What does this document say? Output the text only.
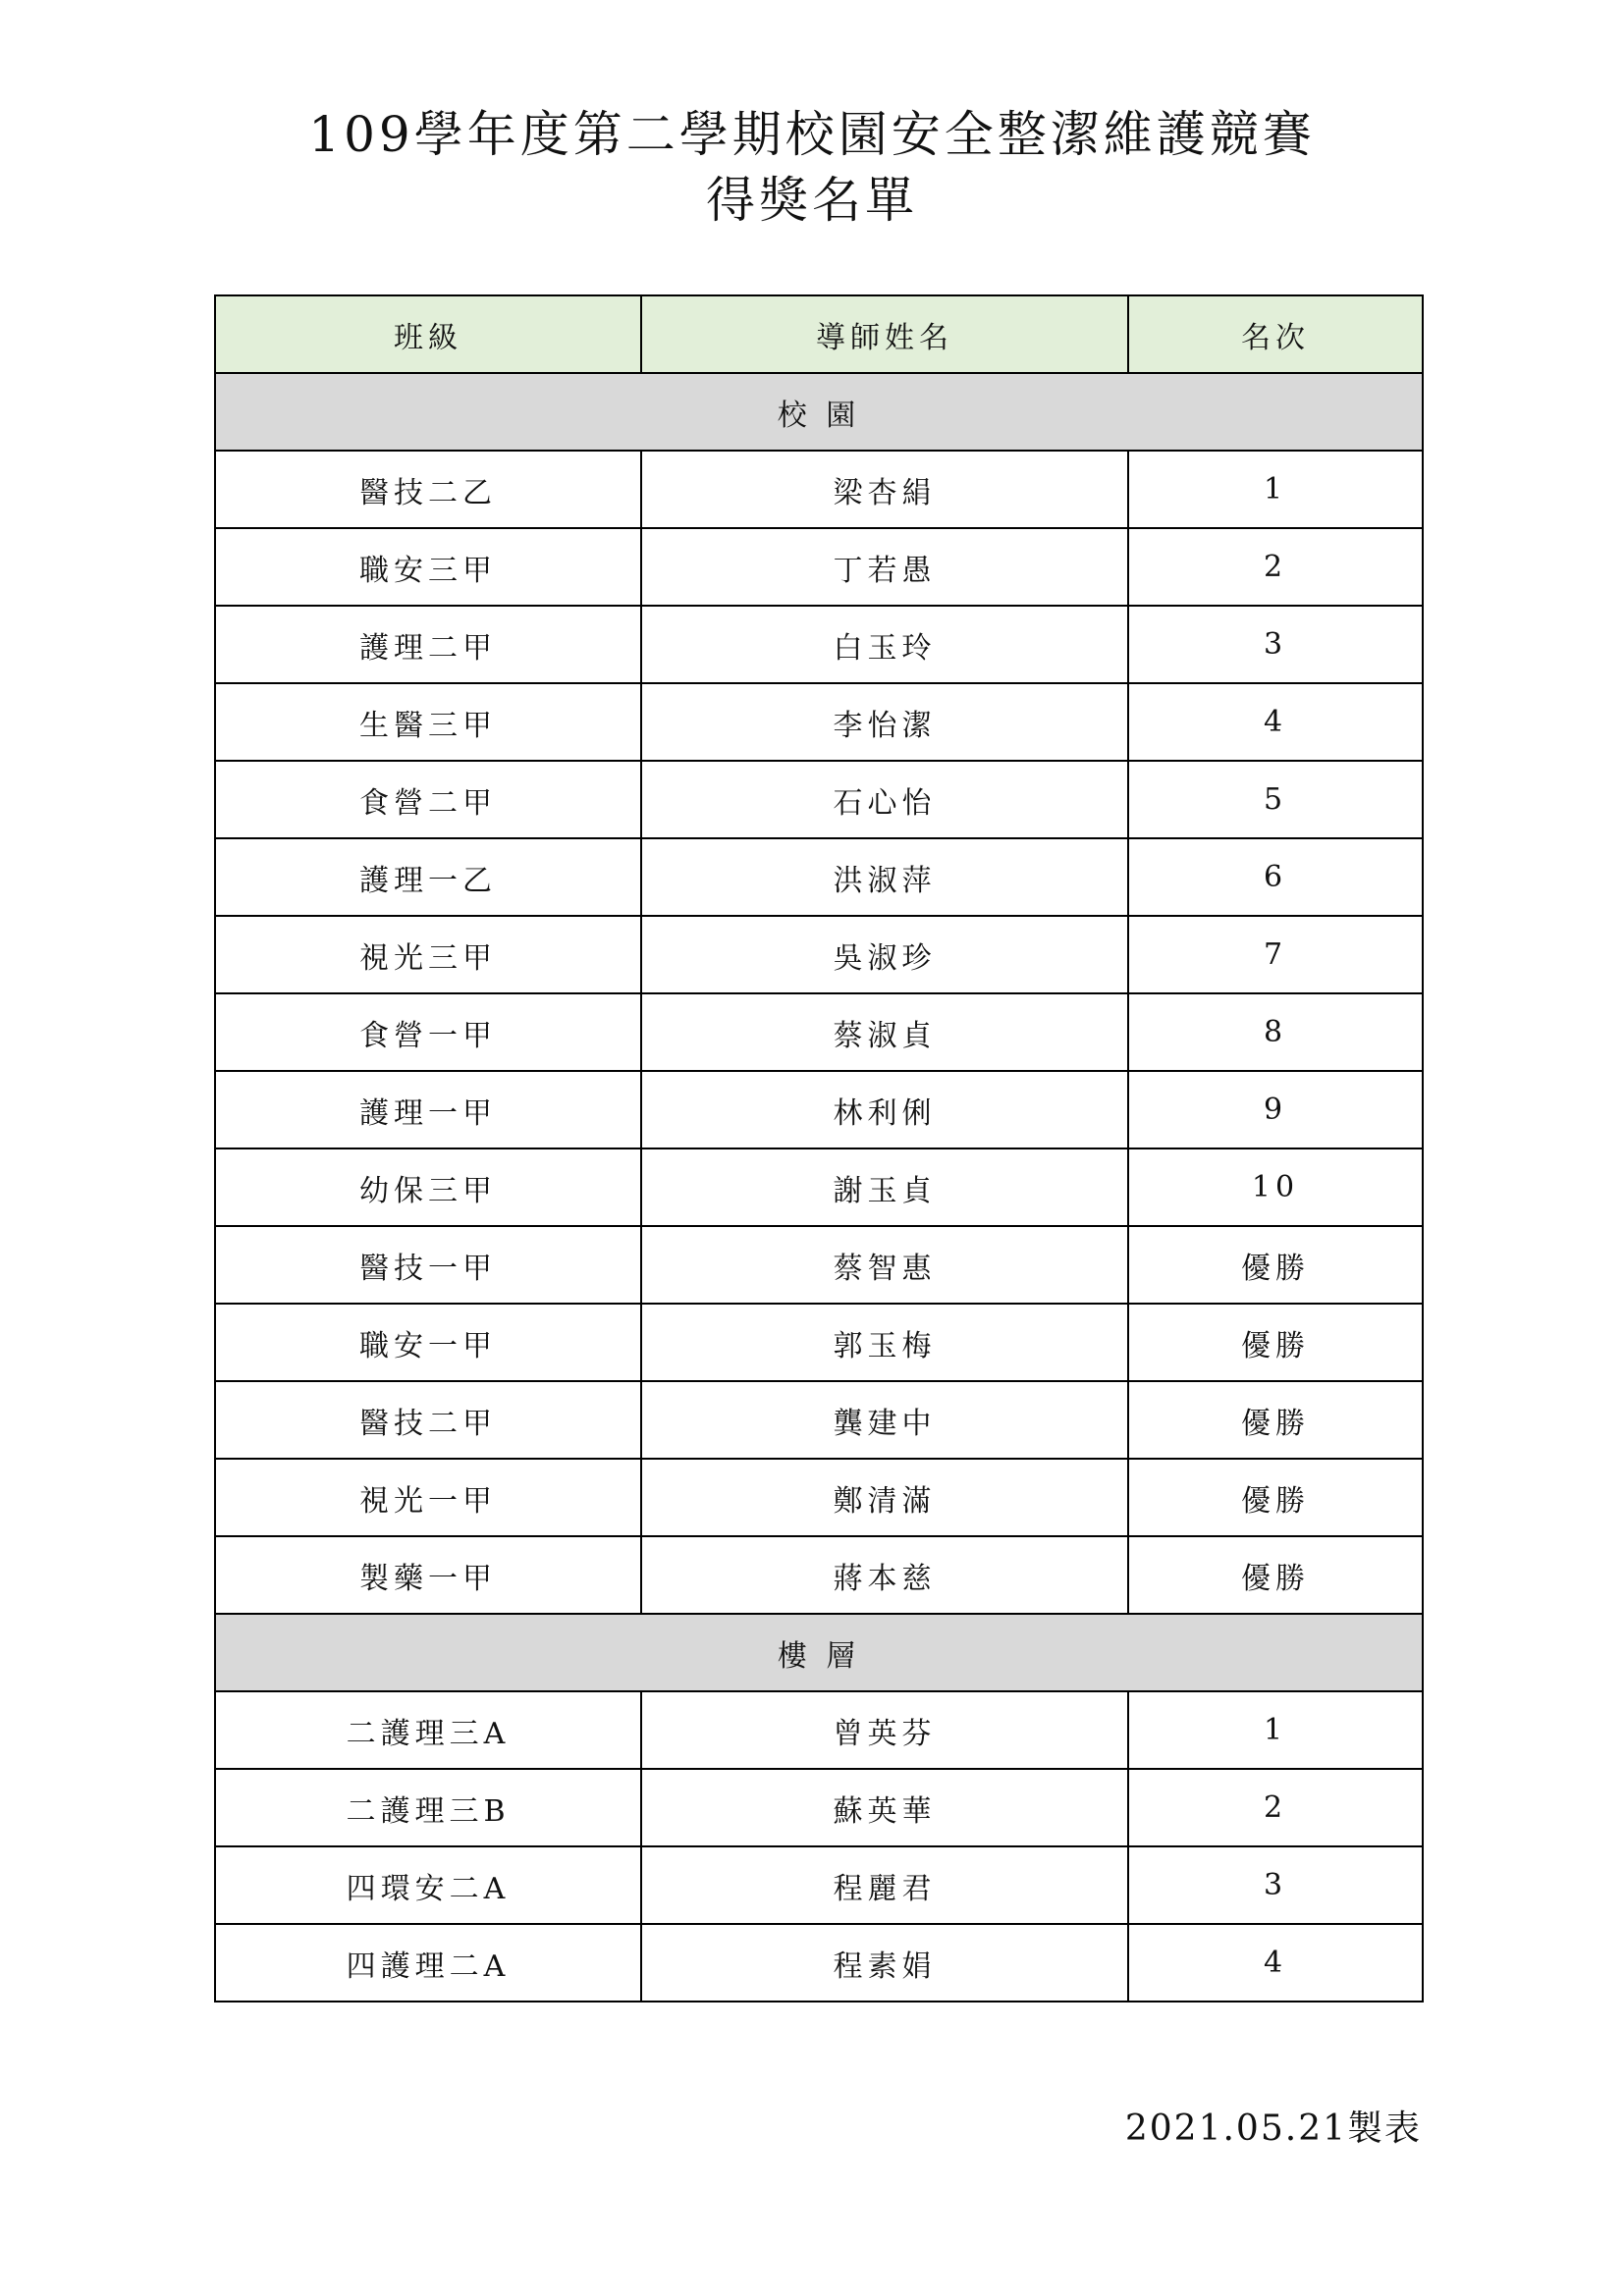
109學年度第二學期校園安全整潔維護競賽
得獎名單
班級	導師姓名	名次
校 園		
醫技二乙	梁杏絹	1
職安三甲	丁若愚	2
護理二甲	白玉玲	3
生醫三甲	李怡潔	4
食營二甲	石心怡	5
護理一乙	洪淑萍	6
視光三甲	吳淑珍	7
食營一甲	蔡淑貞	8
護理一甲	林利俐	9
幼保三甲	謝玉貞	10
醫技一甲	蔡智惠	優勝
職安一甲	郭玉梅	優勝
醫技二甲	龔建中	優勝
視光一甲	鄭清滿	優勝
製藥一甲	蔣本慈	優勝
樓 層		
二護理三A	曾英芬	1
二護理三B	蘇英華	2
四環安二A	程麗君	3
四護理二A	程素娟	4
2021.05.21製表
